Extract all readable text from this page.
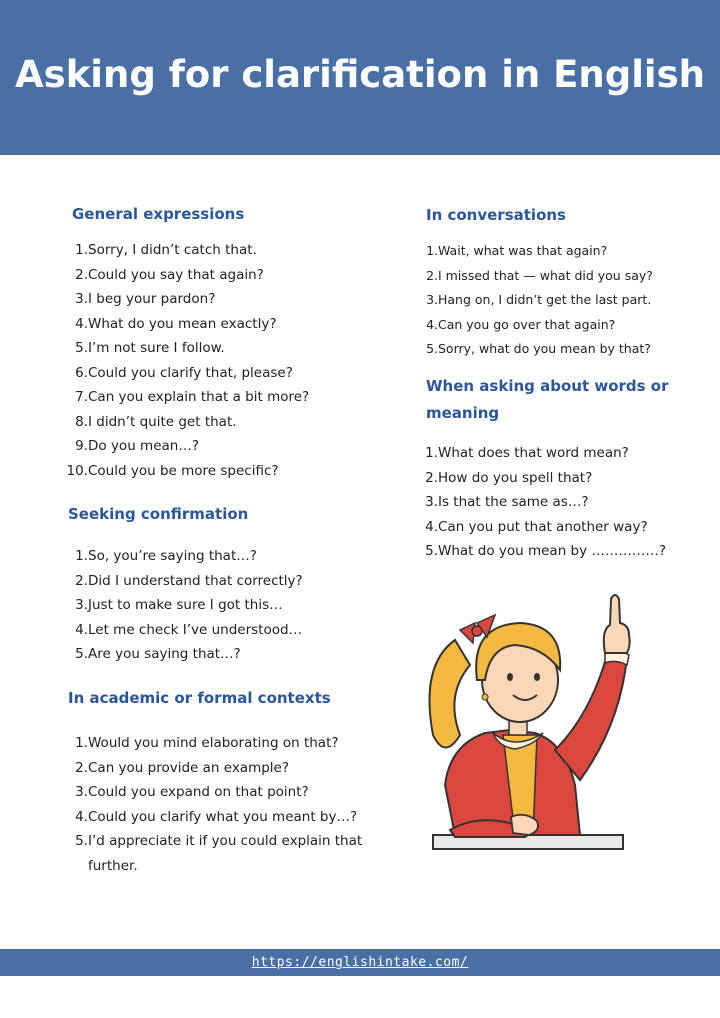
Asking for clarification in English
General expressions
1. Sorry, I didn’t catch that.
2. Could you say that again?
3. I beg your pardon?
4. What do you mean exactly?
5. I’m not sure I follow.
6. Could you clarify that, please?
7. Can you explain that a bit more?
8. I didn’t quite get that.
9. Do you mean…?
10. Could you be more specific?
Seeking confirmation
1. So, you’re saying that…?
2. Did I understand that correctly?
3. Just to make sure I got this…
4. Let me check I’ve understood…
5. Are you saying that…?
In academic or formal contexts
1. Would you mind elaborating on that?
2. Can you provide an example?
3. Could you expand on that point?
4. Could you clarify what you meant by…?
5. I’d appreciate it if you could explain that further.
In conversations
1. Wait, what was that again?
2. I missed that — what did you say?
3. Hang on, I didn’t get the last part.
4. Can you go over that again?
5. Sorry, what do you mean by that?
When asking about words or
meaning
1. What does that word mean?
2. How do you spell that?
3. Is that the same as…?
4. Can you put that another way?
5. What do you mean by ……………?
https://englishintake.com/
